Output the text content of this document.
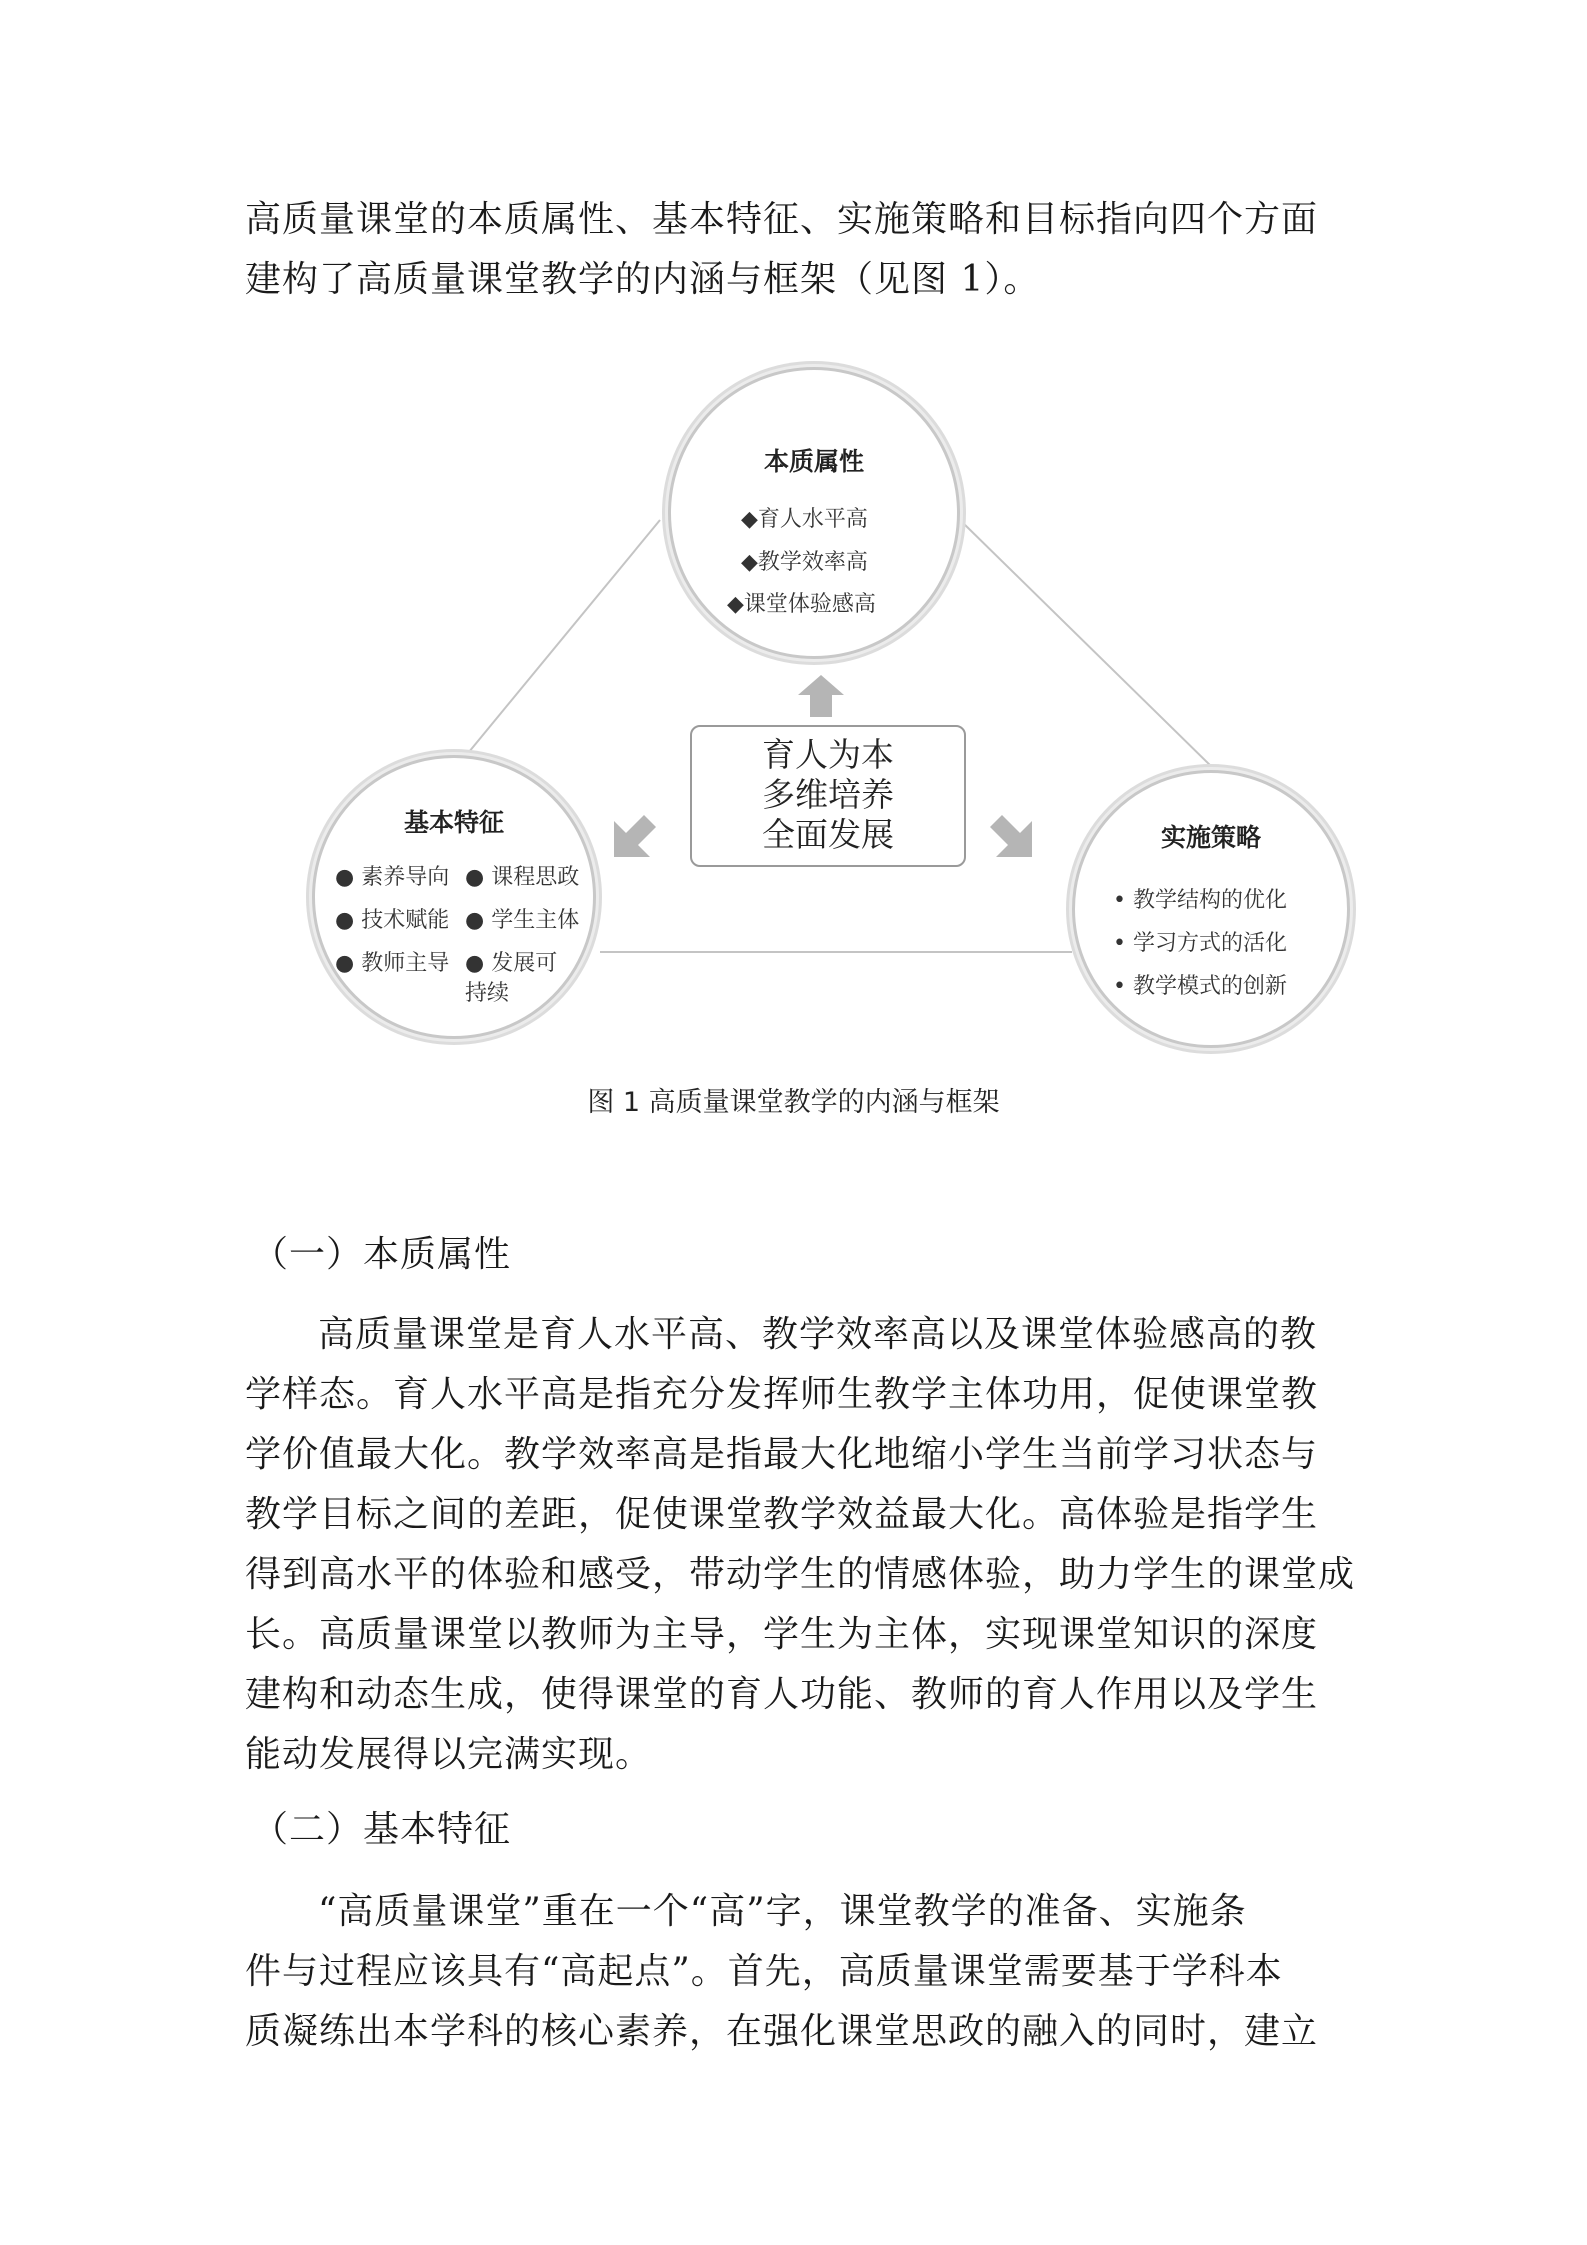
高质量课堂的本质属性、基本特征、实施策略和目标指向四个方面
建构了高质量课堂教学的内涵与框架（见图 1）。
本质属性
◆育人水平高
◆教学效率高
◆课堂体验感高
基本特征
● 素养导向 ● 课程思政
● 技术赋能 ● 学生主体
● 教师主导 ● 发展可
持续
实施策略
• 教学结构的优化
• 学习方式的活化
• 教学模式的创新
育人为本
多维培养
全面发展
图 1 高质量课堂教学的内涵与框架
（一）本质属性
高质量课堂是育人水平高、教学效率高以及课堂体验感高的教
学样态。育人水平高是指充分发挥师生教学主体功用，促使课堂教
学价值最大化。教学效率高是指最大化地缩小学生当前学习状态与
教学目标之间的差距，促使课堂教学效益最大化。高体验是指学生
得到高水平的体验和感受，带动学生的情感体验，助力学生的课堂成
长。高质量课堂以教师为主导，学生为主体，实现课堂知识的深度
建构和动态生成，使得课堂的育人功能、教师的育人作用以及学生
能动发展得以完满实现。
（二）基本特征
“高质量课堂”重在一个“高”字，课堂教学的准备、实施条
件与过程应该具有“高起点”。首先，高质量课堂需要基于学科本
质凝练出本学科的核心素养，在强化课堂思政的融入的同时，建立
